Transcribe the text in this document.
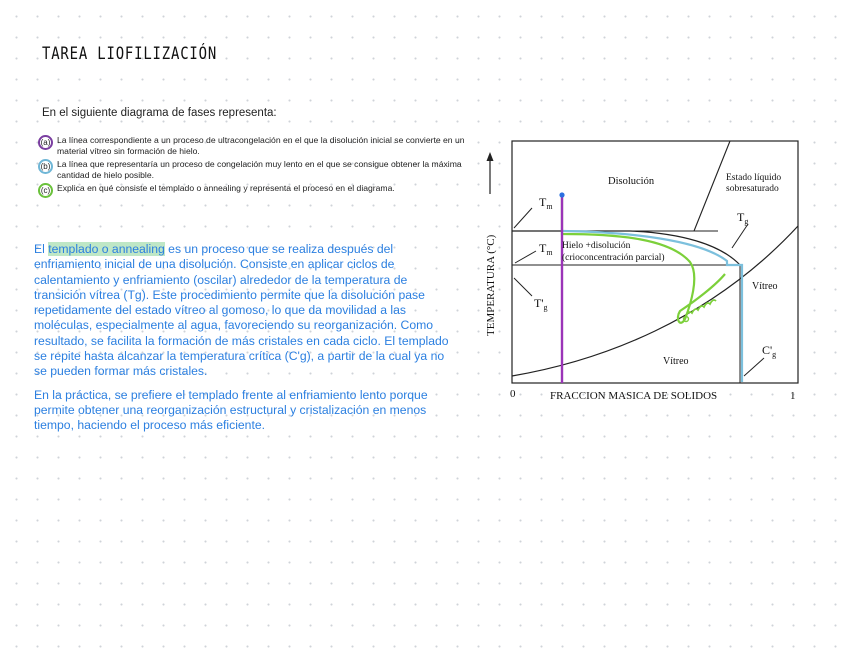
TAREA LIOFILIZACIÓN
En el siguiente diagrama de fases representa:
(a) La línea correspondiente a un proceso de ultracongelación en el que la disolución inicial se convierte en un material vítreo sin formación de hielo.
(b) La línea que representaría un proceso de congelación muy lento en el que se consigue obtener la máxima cantidad de hielo posible.
(c) Explica en qué consiste el templado o annealing y representa el proceso en el diagrama.

El templado o annealing es un proceso que se realiza después del enfriamiento inicial de una disolución. Consiste en aplicar ciclos de calentamiento y enfriamiento (oscilar) alrededor de la temperatura de transición vítrea (Tg). Este procedimiento permite que la disolución pase repetidamente del estado vítreo al gomoso, lo que da movilidad a las moléculas, especialmente al agua, favoreciendo su reorganización. Como resultado, se facilita la formación de más cristales en cada ciclo. El templado se repite hasta alcanzar la temperatura crítica (C'g), a partir de la cual ya no se pueden formar más cristales.

En la práctica, se prefiere el templado frente al enfriamiento lento porque permite obtener una reorganización estructural y cristalización en menos tiempo, haciendo el proceso más eficiente.

Disolución	Estado líquido
sobresaturado
Hielo +disolución
(crioconcentración parcial)
Vítreo
Vítreo
$T_m$
$T_m$
$T'_g$
$T_g$
$C'_g$
TEMPERATURA (°C)
FRACCION MASICA DE SOLIDOS
0	1
